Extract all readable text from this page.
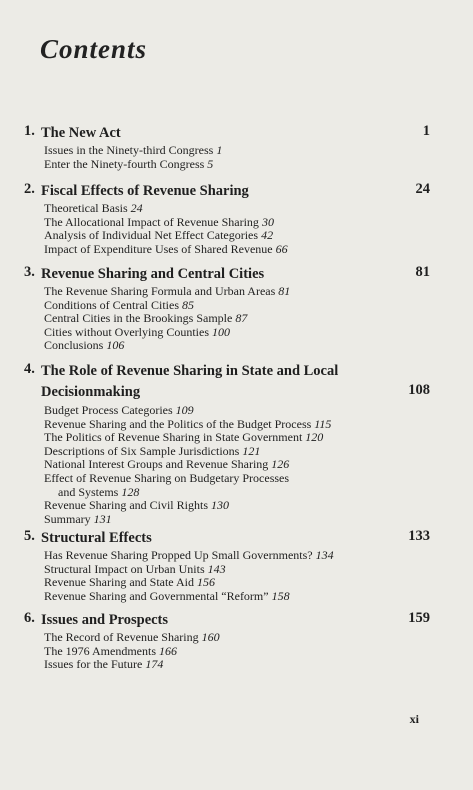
Contents
1. The New Act	1
Issues in the Ninety-third Congress 1
Enter the Ninety-fourth Congress 5
2. Fiscal Effects of Revenue Sharing	24
Theoretical Basis 24
The Allocational Impact of Revenue Sharing 30
Analysis of Individual Net Effect Categories 42
Impact of Expenditure Uses of Shared Revenue 66
3. Revenue Sharing and Central Cities	81
The Revenue Sharing Formula and Urban Areas 81
Conditions of Central Cities 85
Central Cities in the Brookings Sample 87
Cities without Overlying Counties 100
Conclusions 106
4. The Role of Revenue Sharing in State and Local
Decisionmaking	108
Budget Process Categories 109
Revenue Sharing and the Politics of the Budget Process 115
The Politics of Revenue Sharing in State Government 120
Descriptions of Six Sample Jurisdictions 121
National Interest Groups and Revenue Sharing 126
Effect of Revenue Sharing on Budgetary Processes
and Systems 128
Revenue Sharing and Civil Rights 130
Summary 131
5. Structural Effects	133
Has Revenue Sharing Propped Up Small Governments? 134
Structural Impact on Urban Units 143
Revenue Sharing and State Aid 156
Revenue Sharing and Governmental “Reform” 158
6. Issues and Prospects	159
The Record of Revenue Sharing 160
The 1976 Amendments 166
Issues for the Future 174
xi
